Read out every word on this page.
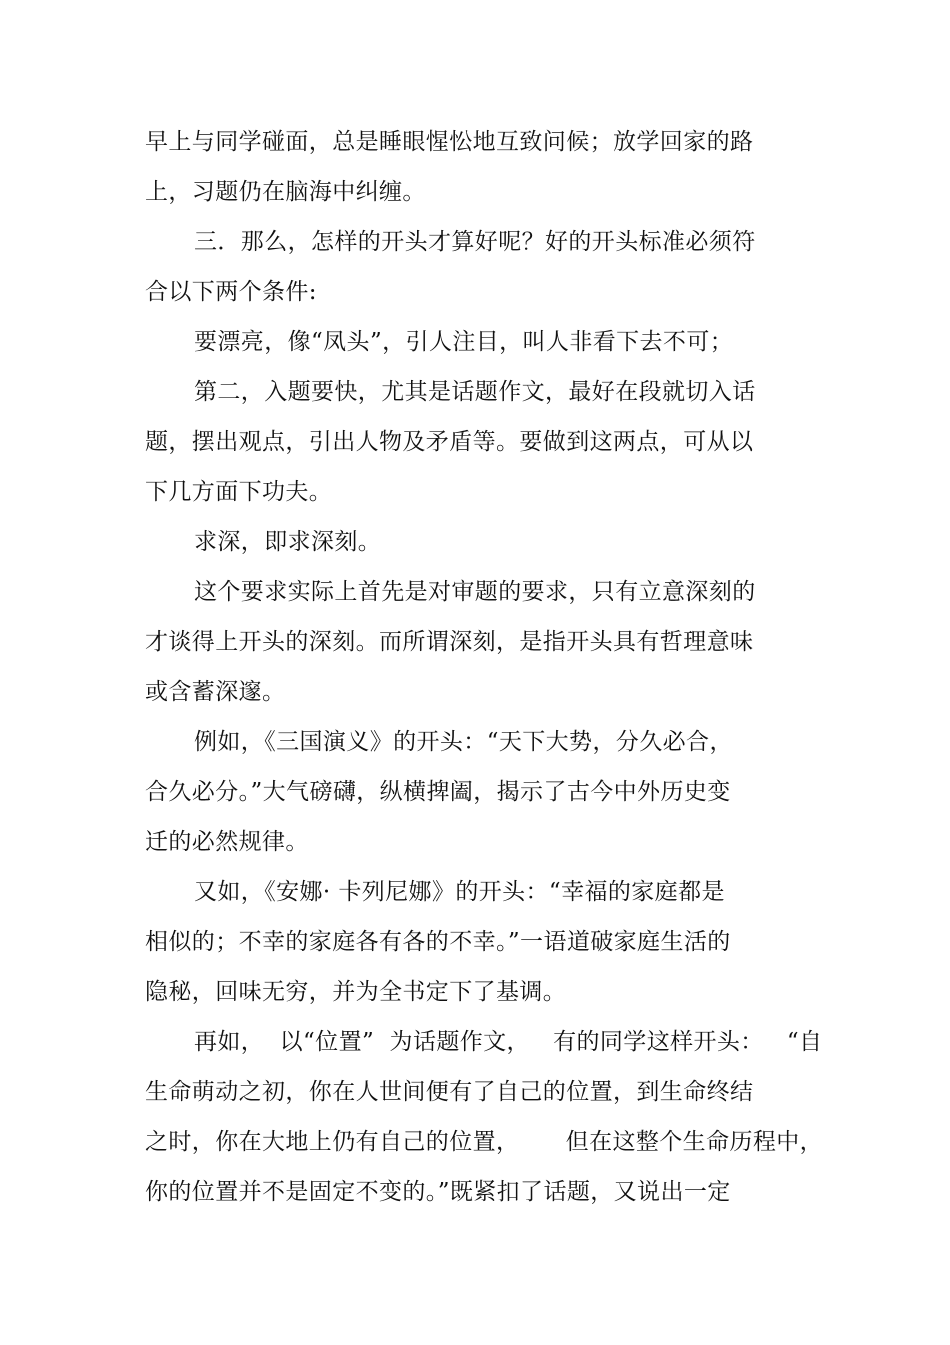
早上与同学碰面，总是睡眼惺忪地互致问候；放学回家的路
上，习题仍在脑海中纠缠。
三．那么，怎样的开头才算好呢？好的开头标准必须符
合以下两个条件:
要漂亮，像“凤头”，引人注目，叫人非看下去不可；
第二，入题要快，尤其是话题作文，最好在段就切入话
题，摆出观点，引出人物及矛盾等。要做到这两点，可从以
下几方面下功夫。
求深，即求深刻。
这个要求实际上首先是对审题的要求，只有立意深刻的
才谈得上开头的深刻。而所谓深刻，是指开头具有哲理意味
或含蓄深邃。
例如，《三国演义》的开头：“天下大势，分久必合，
合久必分。”大气磅礴，纵横捭阖，揭示了古今中外历史变
迁的必然规律。
又如，《安娜· 卡列尼娜》的开头：“幸福的家庭都是
相似的；不幸的家庭各有各的不幸。”一语道破家庭生活的
隐秘，回味无穷，并为全书定下了基调。
再如，  以“位置”  为话题作文，   有的同学这样开头：   “自
生命萌动之初，你在人世间便有了自己的位置，到生命终结
之时，你在大地上仍有自己的位置，      但在这整个生命历程中，
你的位置并不是固定不变的。”既紧扣了话题，又说出一定
